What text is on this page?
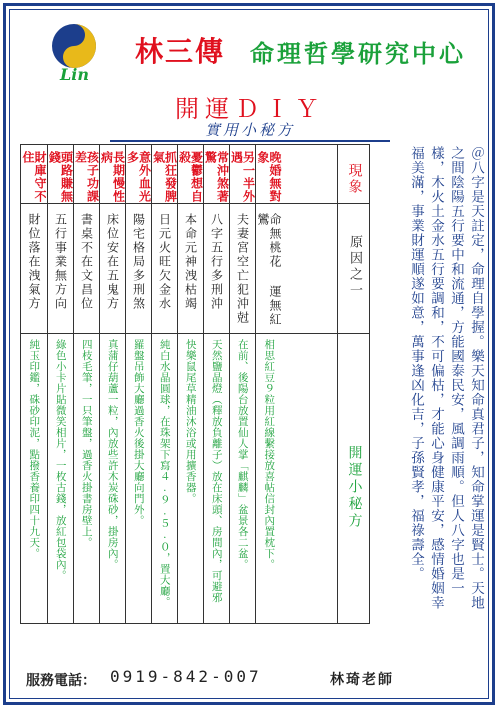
Lin
林三傳 命理哲學研究中心
開運ＤＩＹ
實用小秘方
財庫守不住
財位落在洩氣方
純玉印鑑，硃砂印泥，點撥香養印四十九天。
頭路賺無錢
五行事業無方向
綠色小卡片貼微笑相片，一枚古錢，放紅包袋內。
孩子功課差
書桌不在文昌位
四枝毛筆，一只筆盤，過香火掛書房壁上。
長期慢性病
床位安在五鬼方
真蒲仔葫蘆一粒，內放些許木炭硃砂，掛房內。
意外血光多
陽宅格局多刑煞
羅盤吊飾大廳過香火後掛大廳向門外。
抓狂發脾氣
日元火旺欠金水
純白水晶圓球，在珠架下寫４.９.５.０，置大廳。
憂鬱想自殺
本命元神洩枯竭
快樂鼠尾草精油沐浴或用擴香器。
常沖煞著驚
八字五行多刑沖
天然鹽晶燈（釋放負離子）放在床頭、房間內，可避邪
另一半外遇
夫妻宮空亡犯沖尅
在前、後陽台放置仙人掌「麒麟」盆景各二盆。
晚婚無對象
命無桃花 運無紅鸞
相思紅豆９粒用紅線繫接放喜帖信封內置枕下。
現象
原因之一
開運小秘方	＠八字是天註定，命理自學握。樂天知命真君子，知命掌運是賢士。天地之間陰陽五行要中和流通，方能國泰民安，風調雨順。但人八字也是一樣，木火土金水五行要調和，不可偏枯，才能心身健康平安，感情婚姻幸福美滿，事業財運順遂如意，萬事逢凶化吉，子孫賢孝，福祿壽全。
服務電話： 0919-842-007	林琦老師
